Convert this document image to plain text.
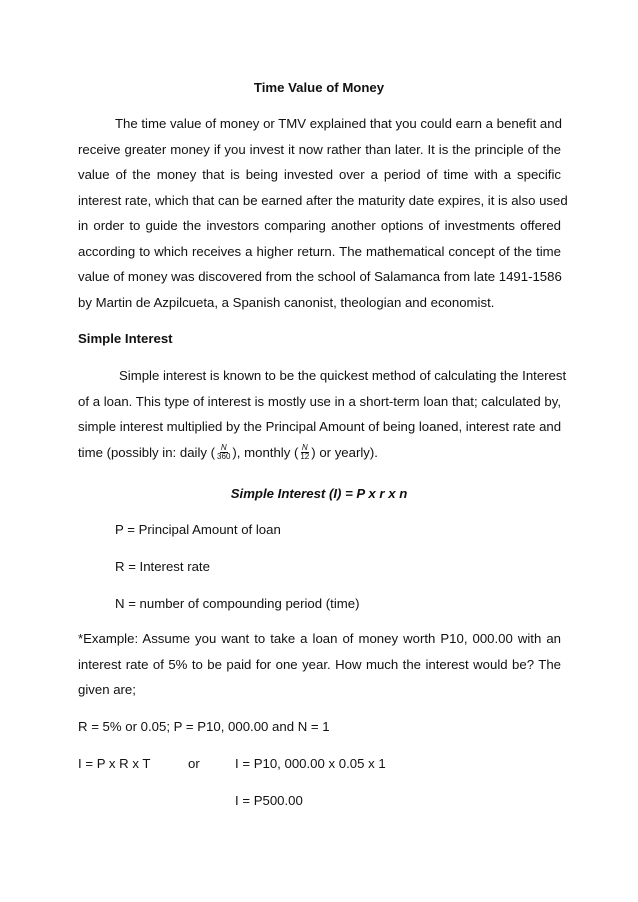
Time Value of Money
The time value of money or TMV explained that you could earn a benefit and
receive greater money if you invest it now rather than later. It is the principle of the
value of the money that is being invested over a period of time with a specific
interest rate, which that can be earned after the maturity date expires, it is also used
in order to guide the investors comparing another options of investments offered
according to which receives a higher return. The mathematical concept of the time
value of money was discovered from the school of Salamanca from late 1491-1586
by Martin de Azpilcueta, a Spanish canonist, theologian and economist.
Simple Interest
Simple interest is known to be the quickest method of calculating the Interest
of a loan. This type of interest is mostly use in a short-term loan that; calculated by,
simple interest multiplied by the Principal Amount of being loaned, interest rate and
time (possibly in: daily ( $\frac{N}{360}$ ), monthly ( $\frac{N}{12}$ ) or yearly).
Simple Interest (I) = P x r x n
P = Principal Amount of loan
R = Interest rate
N = number of compounding period (time)
*Example: Assume you want to take a loan of money worth P10, 000.00 with an
interest rate of 5% to be paid for one year. How much the interest would be? The
given are;
R = 5% or 0.05; P = P10, 000.00 and N = 1
I = P x R x T	or	I = P10, 000.00 x 0.05 x 1
I = P500.00
